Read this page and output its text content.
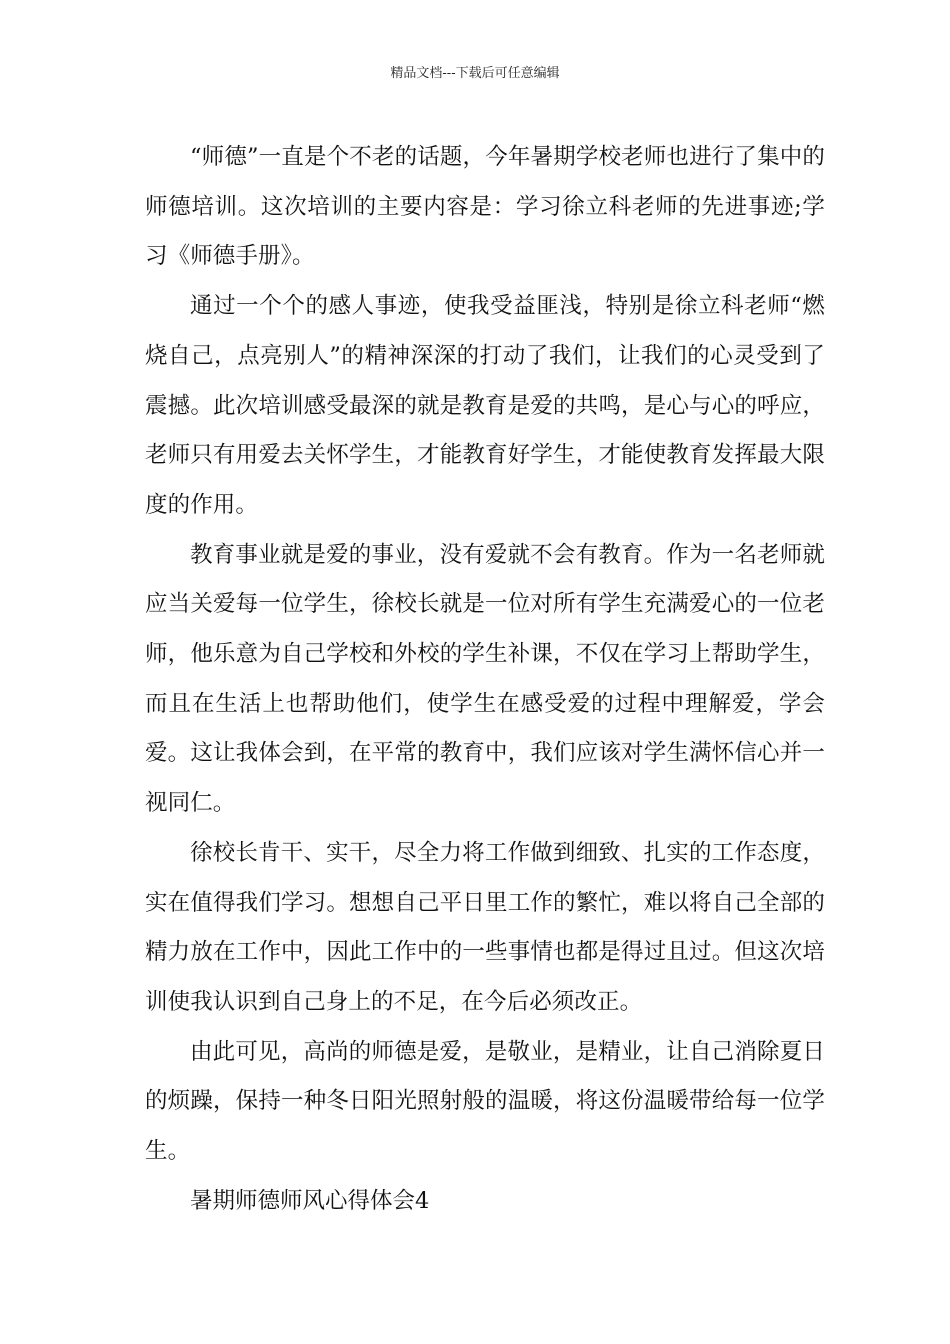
精品文档---下载后可任意编辑

“师德”一直是个不老的话题，今年暑期学校老师也进行了集中的师德培训。这次培训的主要内容是：学习徐立科老师的先进事迹;学习《师德手册》。

通过一个个的感人事迹，使我受益匪浅，特别是徐立科老师“燃烧自己，点亮别人”的精神深深的打动了我们，让我们的心灵受到了震撼。此次培训感受最深的就是教育是爱的共鸣，是心与心的呼应，老师只有用爱去关怀学生，才能教育好学生，才能使教育发挥最大限度的作用。

教育事业就是爱的事业，没有爱就不会有教育。作为一名老师就应当关爱每一位学生，徐校长就是一位对所有学生充满爱心的一位老师，他乐意为自己学校和外校的学生补课，不仅在学习上帮助学生，而且在生活上也帮助他们，使学生在感受爱的过程中理解爱，学会爱。这让我体会到，在平常的教育中，我们应该对学生满怀信心并一视同仁。

徐校长肯干、实干，尽全力将工作做到细致、扎实的工作态度，实在值得我们学习。想想自己平日里工作的繁忙，难以将自己全部的精力放在工作中，因此工作中的一些事情也都是得过且过。但这次培训使我认识到自己身上的不足，在今后必须改正。

由此可见，高尚的师德是爱，是敬业，是精业，让自己消除夏日的烦躁，保持一种冬日阳光照射般的温暖，将这份温暖带给每一位学生。

暑期师德师风心得体会4
